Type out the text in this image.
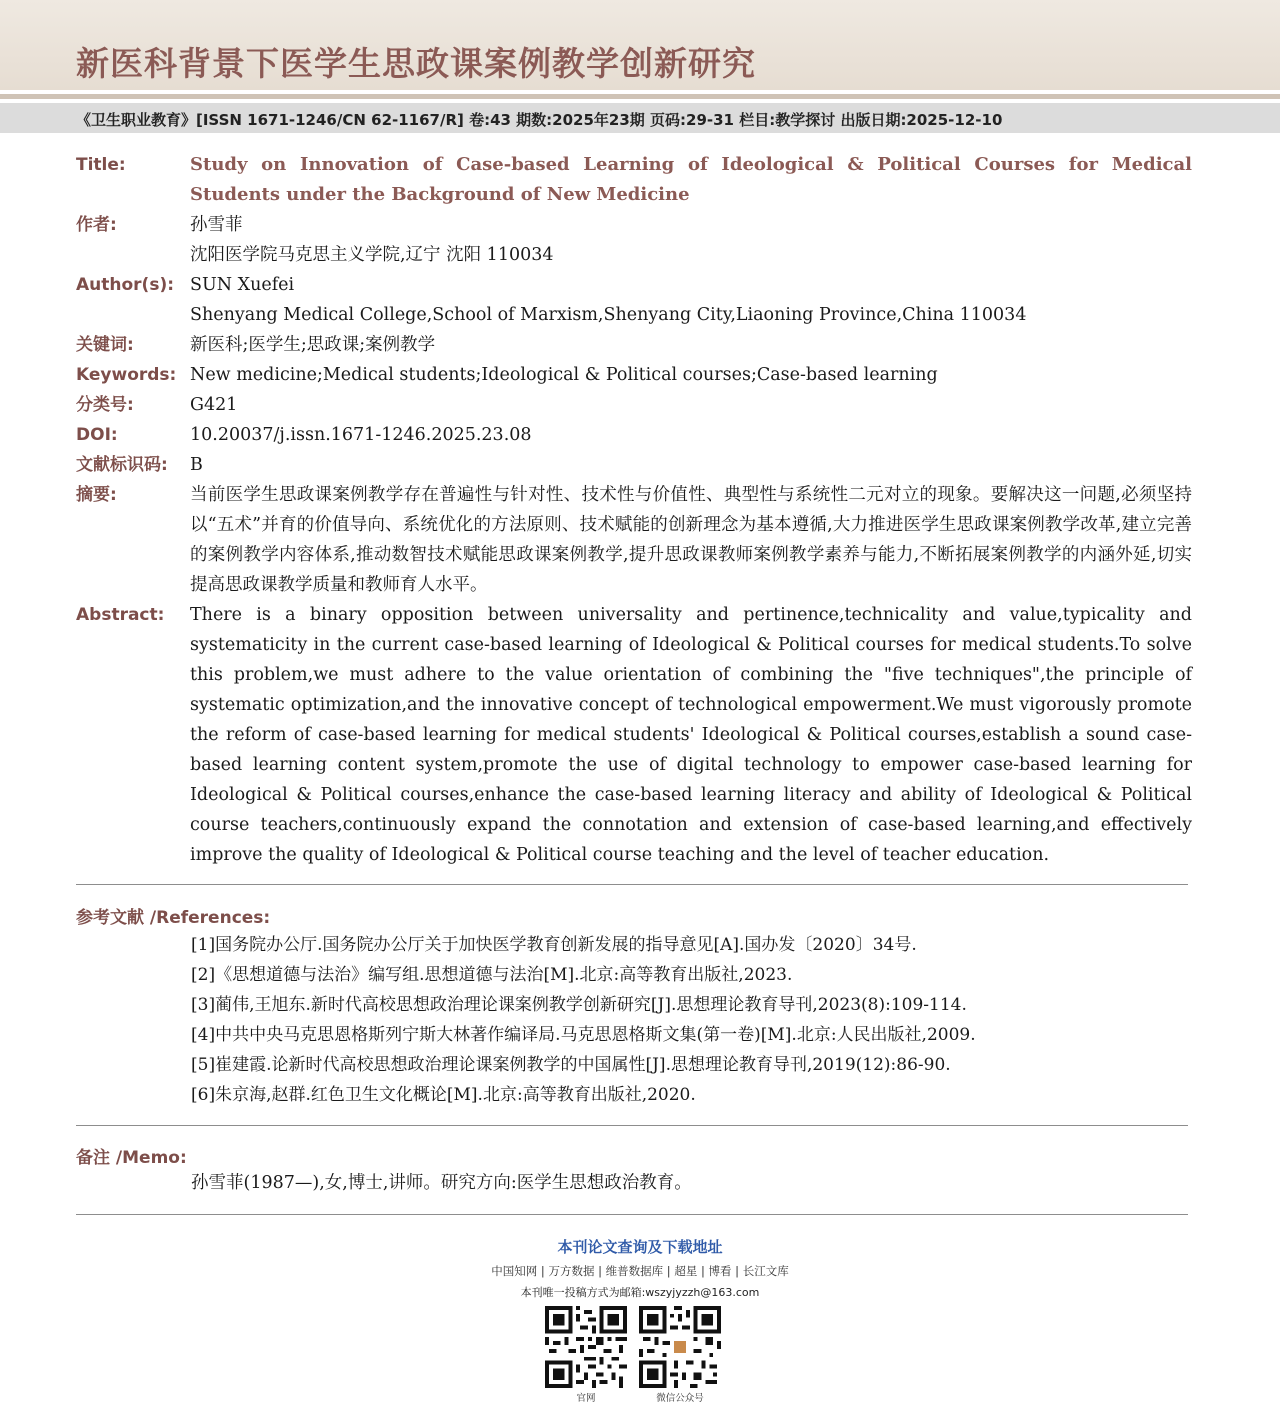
新医科背景下医学生思政课案例教学创新研究
《卫生职业教育》[ISSN 1671-1246/CN 62-1167/R] 卷:43 期数:2025年23期 页码:29-31 栏目:教学探讨 出版日期:2025-12-10
Title:	Study on Innovation of Case-based Learning of Ideological & Political Courses for Medical Students under the Background of New Medicine
作者:	孙雪菲

沈阳医学院马克思主义学院,辽宁 沈阳 110034

Author(s): SUN Xuefei

Shenyang Medical College,School of Marxism,Shenyang City,Liaoning Province,China 110034

关键词:	新医科;医学生;思政课;案例教学
Keywords: New medicine;Medical students;Ideological & Political courses;Case-based learning
分类号:	G421
DOI:	10.20037/j.issn.1671-1246.2025.23.08
文献标识码:	B
摘要:	当前医学生思政课案例教学存在普遍性与针对性、技术性与价值性、典型性与系统性二元对立的现象。要解决这一问题,必须坚持以“五术”并育的价值导向、系统优化的方法原则、技术赋能的创新理念为基本遵循,大力推进医学生思政课案例教学改革,建立完善的案例教学内容体系,推动数智技术赋能思政课案例教学,提升思政课教师案例教学素养与能力,不断拓展案例教学的内涵外延,切实提高思政课教学质量和教师育人水平。
Abstract:	There is a binary opposition between universality and pertinence,technicality and value,typicality and systematicity in the current case-based learning of Ideological & Political courses for medical students.To solve this problem,we must adhere to the value orientation of combining the "five techniques",the principle of systematic optimization,and the innovative concept of technological empowerment.We must vigorously promote the reform of case-based learning for medical students' Ideological & Political courses,establish a sound case-based learning content system,promote the use of digital technology to empower case-based learning for Ideological & Political courses,enhance the case-based learning literacy and ability of Ideological & Political course teachers,continuously expand the connotation and extension of case-based learning,and effectively improve the quality of Ideological & Political course teaching and the level of teacher education.
参考文献 /References:
[1]国务院办公厅.国务院办公厅关于加快医学教育创新发展的指导意见[A].国办发〔2020〕34号.
[2]《思想道德与法治》编写组.思想道德与法治[M].北京:高等教育出版社,2023.
[3]蔺伟,王旭东.新时代高校思想政治理论课案例教学创新研究[J].思想理论教育导刊,2023(8):109-114.
[4]中共中央马克思恩格斯列宁斯大林著作编译局.马克思恩格斯文集(第一卷)[M].北京:人民出版社,2009.
[5]崔建霞.论新时代高校思想政治理论课案例教学的中国属性[J].思想理论教育导刊,2019(12):86-90.
[6]朱京海,赵群.红色卫生文化概论[M].北京:高等教育出版社,2020.
备注 /Memo:
孙雪菲(1987—),女,博士,讲师。研究方向:医学生思想政治教育。
本刊论文查询及下载地址
中国知网 | 万方数据 | 维普数据库 | 超星 | 博看 | 长江文库
本刊唯一投稿方式为邮箱:wszyjyzzh@163.com
官网	微信公众号
